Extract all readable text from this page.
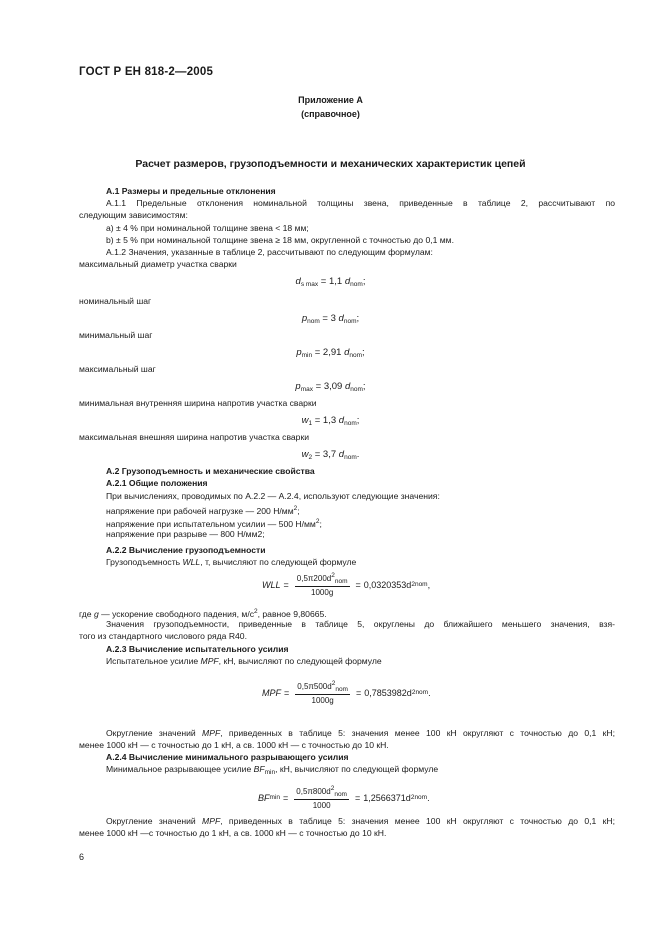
ГОСТ Р ЕН 818-2—2005
Приложение А
(справочное)
Расчет размеров, грузоподъемности и механических характеристик цепей
А.1 Размеры и предельные отклонения
А.1.1 Предельные отклонения номинальной толщины звена, приведенные в таблице 2, рассчитывают по
следующим зависимостям:
а) ± 4 % при номинальной толщине звена < 18 мм;
b) ± 5 % при номинальной толщине звена ≥ 18 мм, округленной с точностью до 0,1 мм.
А.1.2 Значения, указанные в таблице 2, рассчитывают по следующим формулам:
максимальный диаметр участка сварки
$d_{s max} = 1,1$ $d_{nom}$;
номинальный шаг
$p_{nom} = 3$ $d_{nom}$;
минимальный шаг
$p_{min} = 2,91$ $d_{nom}$;
максимальный шаг
$p_{max} = 3,09$ $d_{nom}$;
минимальная внутренняя ширина напротив участка сварки
$w_1 = 1,3$ $d_{nom}$;
максимальная внешняя ширина напротив участка сварки
$w_2 = 3,7$ $d_{nom}$.
А.2 Грузоподъемность и механические свойства
А.2.1 Общие положения
При вычислениях, проводимых по А.2.2 — А.2.4, используют следующие значения:
напряжение при рабочей нагрузке — 200 $Н/мм^2$;
напряжение при испытательном усилии — 500 $Н/мм^2$;
напряжение при разрыве — 800 Н/мм2;
А.2.2 Вычисление грузоподъемности
Грузоподъемность WLL, т, вычисляют по следующей формуле
WLL = $\frac{0,5\pi 200d^2_{nom}}{1000g} = 0,0320353d$ 2 nom ,
где g — ускорение свободного падения, $м/с^2$, равное 9,80665.
Значения грузоподъемности, приведенные в таблице 5, округлены до ближайшего меньшего значения, взя-
того из стандартного числового ряда R40.
А.2.3 Вычисление испытательного усилия
Испытательное усилие MPF, кН, вычисляют по следующей формуле
MPF = $\frac{0,5\pi 500d^2_{nom}}{1000g} = 0,7853982d$ 2 nom .
Округление значений MPF, приведенных в таблице 5: значения менее 100 кН округляют с точностью до 0,1 кН;
менее 1000 кН — с точностью до 1 кН, а св. 1000 кН — с точностью до 10 кН.
А.2.4 Вычисление минимального разрывающего усилия
Минимальное разрывающее усилие $BF_{min}$, кН, вычисляют по следующей формуле
BF $\min = \frac{0,5\pi 800d^2_{nom}}{1000} = 1,2566371d$ 2 nom .
Округление значений MPF, приведенных в таблице 5: значения менее 100 кН округляют с точностью до 0,1 кН;
менее 1000 кН —с точностью до 1 кН, а св. 1000 кН — с точностью до 10 кН.
6
